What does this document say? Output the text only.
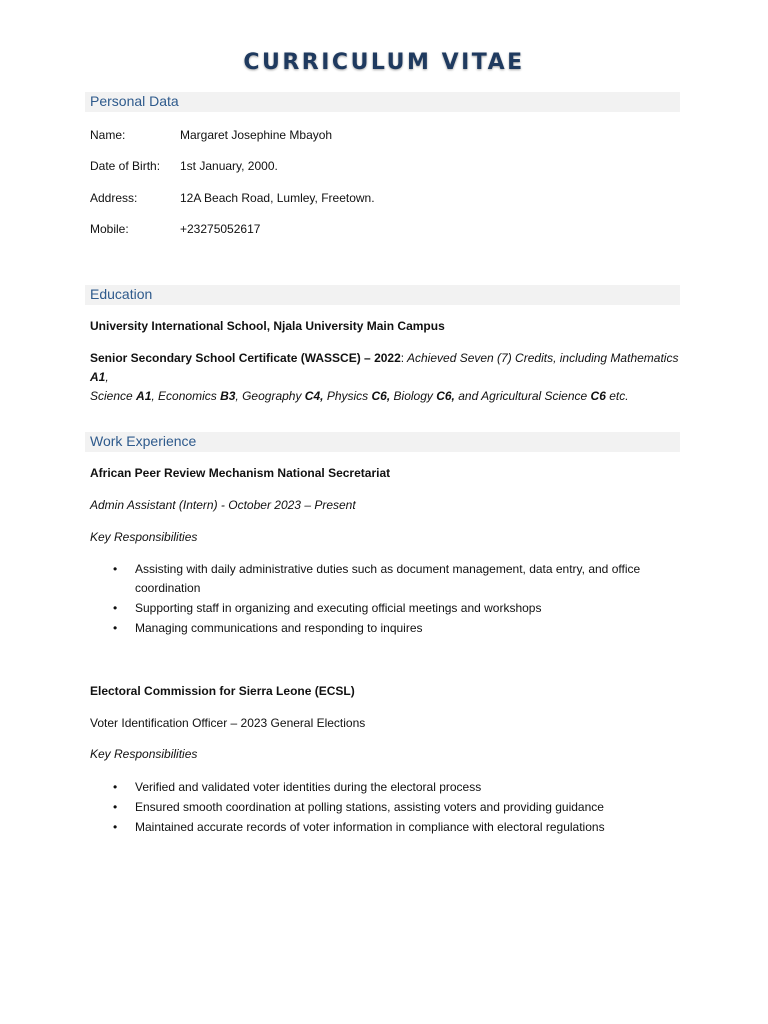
CURRICULUM VITAE
Personal Data
Name:	Margaret Josephine Mbayoh
Date of Birth: 1st January, 2000.
Address:	12A Beach Road, Lumley, Freetown.
Mobile:	+23275052617
Education
University International School, Njala University Main Campus
Senior Secondary School Certificate (WASSCE) – 2022: Achieved Seven (7) Credits, including Mathematics A1,
Science A1, Economics B3, Geography C4, Physics C6, Biology C6, and Agricultural Science C6 etc.
Work Experience
African Peer Review Mechanism National Secretariat
Admin Assistant (Intern) - October 2023 – Present
Key Responsibilities
• Assisting with daily administrative duties such as document management, data entry, and office coordination
• Supporting staff in organizing and executing official meetings and workshops
• Managing communications and responding to inquires
Electoral Commission for Sierra Leone (ECSL)
Voter Identification Officer – 2023 General Elections
Key Responsibilities
• Verified and validated voter identities during the electoral process
• Ensured smooth coordination at polling stations, assisting voters and providing guidance
• Maintained accurate records of voter information in compliance with electoral regulations
